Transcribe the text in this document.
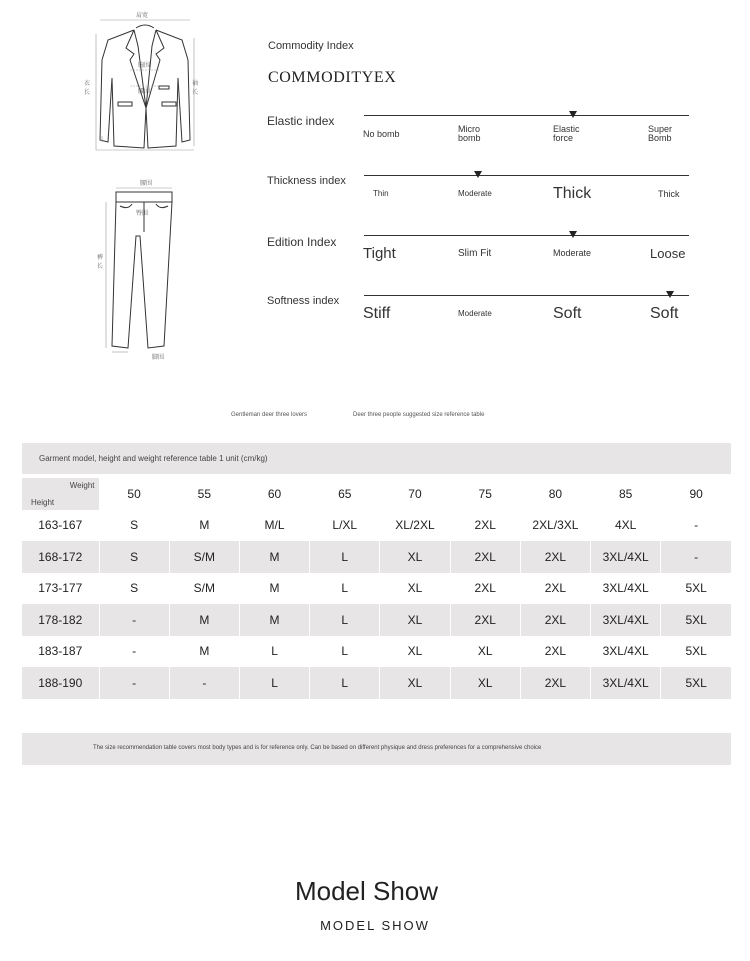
肩宽
胸围
腰围
衣长
袖长
腰围
臀围
裤长
脚围
Commodity Index
COMMODITYEX
Elastic index
No bomb	Micro
bomb
Elastic
force
Super
Bomb
Thickness index
Thin	Moderate	Thick	Thick
Edition Index
Tight	Slim Fit	Moderate	Loose
Softness index
Stiff	Moderate	Soft	Soft
Gentleman deer three lovers	Deer three people suggested size reference table
Garment model, height and weight reference table 1 unit (cm/kg)
Weight
Height	50	55	60	65	70	75	80	85	90
163-167	S	M	M/L	L/XL	XL/2XL	2XL	2XL/3XL	4XL	-
168-172	S	S/M	M	L	XL	2XL	2XL	3XL/4XL	-
173-177	S	S/M	M	L	XL	2XL	2XL	3XL/4XL	5XL
178-182	-	M	M	L	XL	2XL	2XL	3XL/4XL	5XL
183-187	-	M	L	L	XL	XL	2XL	3XL/4XL	5XL
188-190	-	-	L	L	XL	XL	2XL	3XL/4XL	5XL
The size recommendation table covers most body types and is for reference only. Can be based on different physique and dress preferences for a comprehensive choice
Model Show
MODEL SHOW
